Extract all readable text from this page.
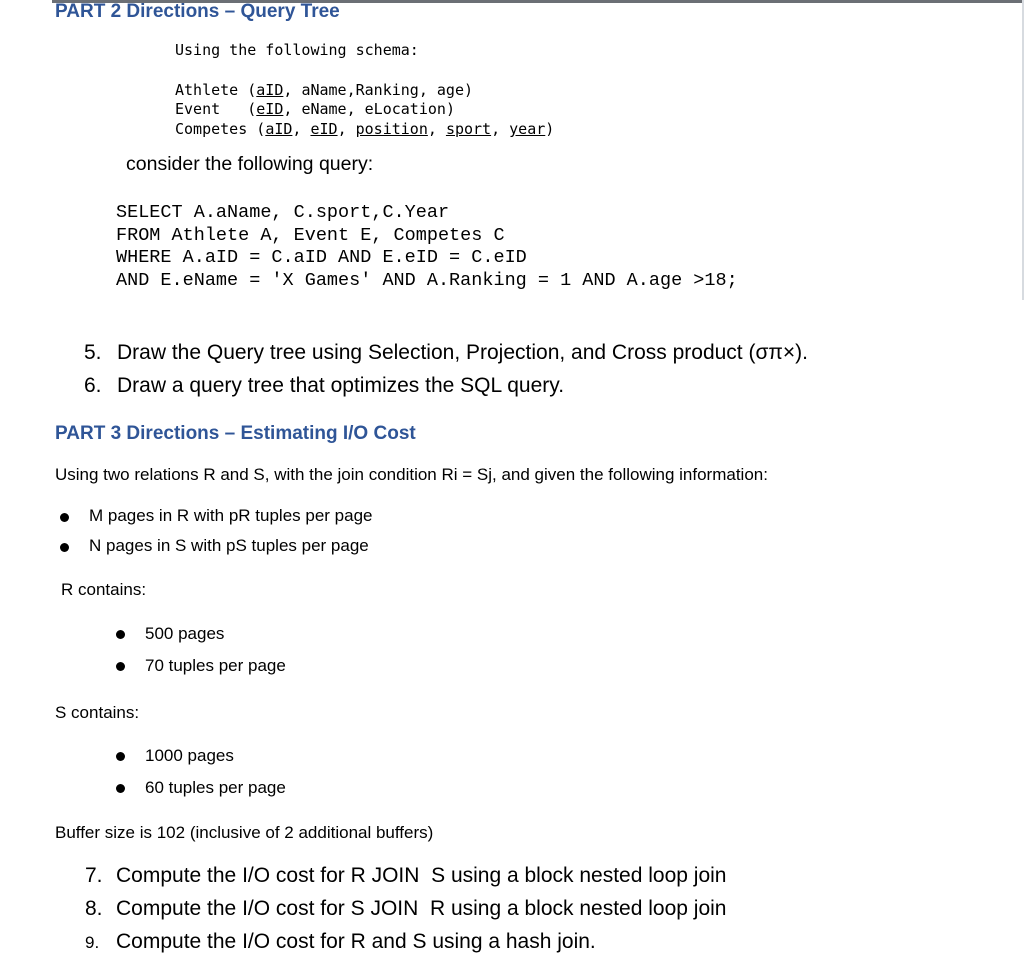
PART 2 Directions – Query Tree
Using the following schema:
Athlete (aID, aName,Ranking, age)
Event   (eID, eName, eLocation)
Competes (aID, eID, position, sport, year)
consider the following query:
SELECT A.aName, C.sport,C.Year
FROM Athlete A, Event E, Competes C
WHERE A.aID = C.aID AND E.eID = C.eID
AND E.eName = 'X Games' AND A.Ranking = 1 AND A.age >18;
5. Draw the Query tree using Selection, Projection, and Cross product (σπ×).
6. Draw a query tree that optimizes the SQL query.
PART 3 Directions – Estimating I/O Cost
Using two relations R and S, with the join condition Ri = Sj, and given the following information:
M pages in R with pR tuples per page
N pages in S with pS tuples per page
R contains:
500 pages
70 tuples per page
S contains:
1000 pages
60 tuples per page
Buffer size is 102 (inclusive of 2 additional buffers)
7. Compute the I/O cost for R JOIN  S using a block nested loop join
8. Compute the I/O cost for S JOIN  R using a block nested loop join
9. Compute the I/O cost for R and S using a hash join.
